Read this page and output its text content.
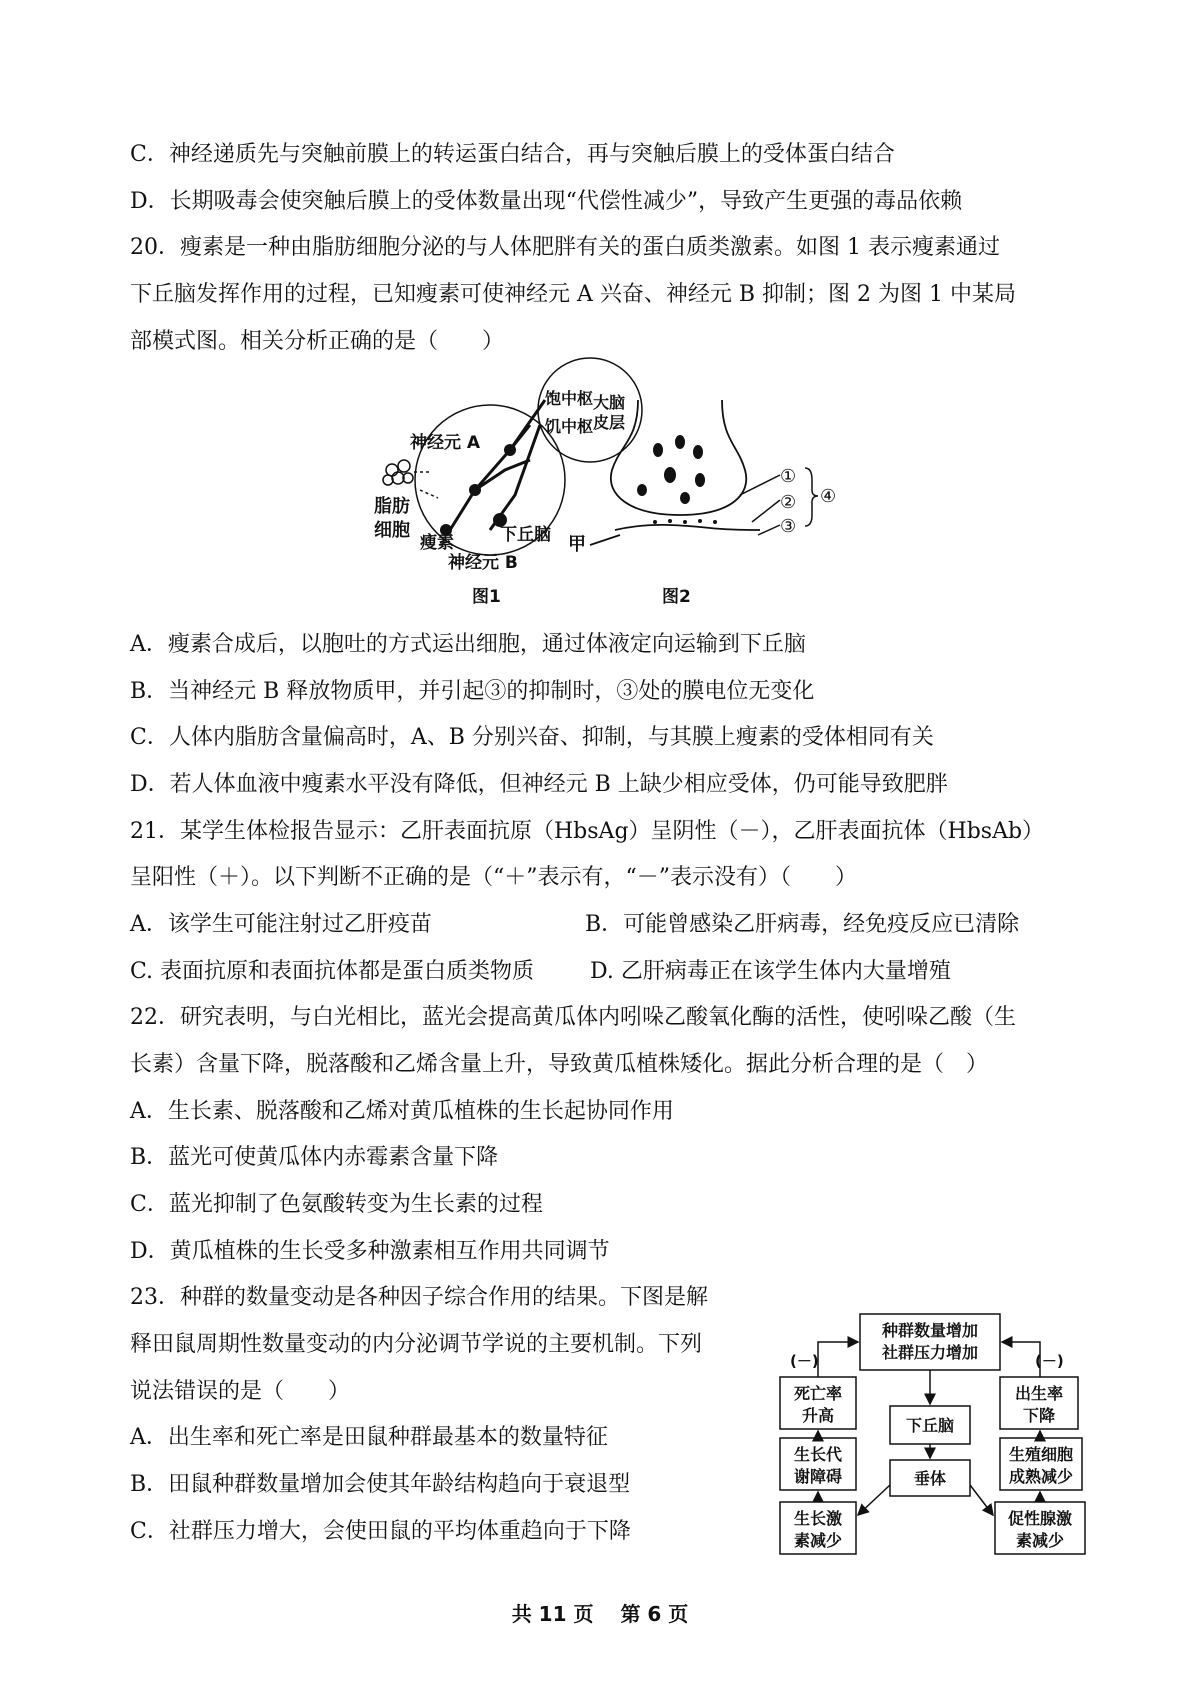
C．神经递质先与突触前膜上的转运蛋白结合，再与突触后膜上的受体蛋白结合
D．长期吸毒会使突触后膜上的受体数量出现“代偿性减少”，导致产生更强的毒品依赖
20．瘦素是一种由脂肪细胞分泌的与人体肥胖有关的蛋白质类激素。如图 1 表示瘦素通过
下丘脑发挥作用的过程，已知瘦素可使神经元 A 兴奋、神经元 B 抑制；图 2 为图 1 中某局
部模式图。相关分析正确的是（　　）
脂肪
细胞
饱中枢
饥中枢
大脑
皮层
神经元 A
瘦素	下丘脑
神经元 B
图1
①
②
③
④
甲
图2
A．瘦素合成后，以胞吐的方式运出细胞，通过体液定向运输到下丘脑
B．当神经元 B 释放物质甲，并引起③的抑制时，③处的膜电位无变化
C．人体内脂肪含量偏高时，A、B 分别兴奋、抑制，与其膜上瘦素的受体相同有关
D．若人体血液中瘦素水平没有降低，但神经元 B 上缺少相应受体，仍可能导致肥胖
21．某学生体检报告显示：乙肝表面抗原（HbsAg）呈阴性（－），乙肝表面抗体（HbsAb）
呈阳性（＋）。以下判断不正确的是（“＋”表示有，“－”表示没有）（　　）
A．该学生可能注射过乙肝疫苗	B．可能曾感染乙肝病毒，经免疫反应已清除
C. 表面抗原和表面抗体都是蛋白质类物质	D. 乙肝病毒正在该学生体内大量增殖
22．研究表明，与白光相比，蓝光会提高黄瓜体内吲哚乙酸氧化酶的活性，使吲哚乙酸（生
长素）含量下降，脱落酸和乙烯含量上升，导致黄瓜植株矮化。据此分析合理的是（　）
A．生长素、脱落酸和乙烯对黄瓜植株的生长起协同作用
B．蓝光可使黄瓜体内赤霉素含量下降
C．蓝光抑制了色氨酸转变为生长素的过程
D．黄瓜植株的生长受多种激素相互作用共同调节
23．种群的数量变动是各种因子综合作用的结果。下图是解
释田鼠周期性数量变动的内分泌调节学说的主要机制。下列
说法错误的是（　　）
A．出生率和死亡率是田鼠种群最基本的数量特征
B．田鼠种群数量增加会使其年龄结构趋向于衰退型
C．社群压力增大，会使田鼠的平均体重趋向于下降
种群数量增加
社群压力增加
(－)	(－)
死亡率
升高
出生率
下降
下丘脑
生长代
谢障碍
生殖细胞
成熟减少
垂体
生长激
素减少
促性腺激
素减少
共 11 页　 第 6 页
